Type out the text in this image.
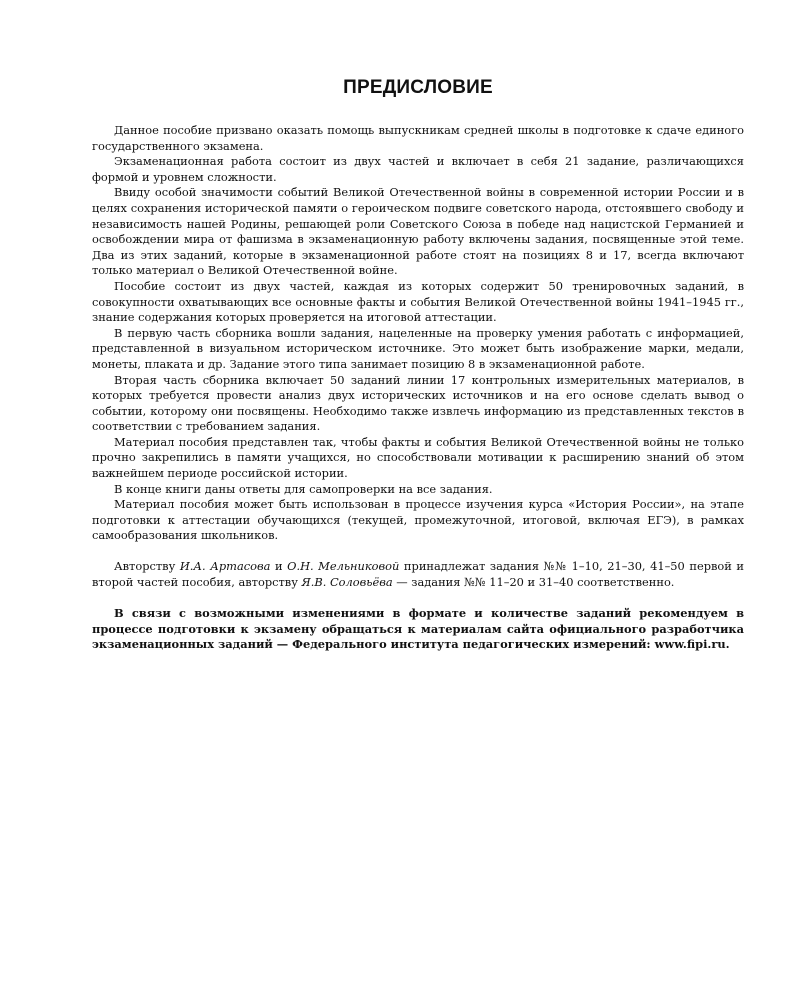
ПРЕДИСЛОВИЕ

Данное пособие призвано оказать помощь выпускникам средней школы в подготовке к сдаче единого государственного экзамена.

Экзаменационная работа состоит из двух частей и включает в себя 21 задание, различающихся формой и уровнем сложности.

Ввиду особой значимости событий Великой Отечественной войны в современной истории России и в целях сохранения исторической памяти о героическом подвиге советского народа, отстоявшего свободу и независимость нашей Родины, решающей роли Советского Союза в победе над нацистской Германией и освобождении мира от фашизма в экзаменационную работу включены задания, посвященные этой теме. Два из этих заданий, которые в экзаменационной работе стоят на позициях 8 и 17, всегда включают только материал о Великой Отечественной войне.

Пособие состоит из двух частей, каждая из которых содержит 50 тренировочных заданий, в совокупности охватывающих все основные факты и события Великой Отечественной войны 1941–1945 гг., знание содержания которых проверяется на итоговой аттестации.

В первую часть сборника вошли задания, нацеленные на проверку умения работать с информацией, представленной в визуальном историческом источнике. Это может быть изображение марки, медали, монеты, плаката и др. Задание этого типа занимает позицию 8 в экзаменационной работе.

Вторая часть сборника включает 50 заданий линии 17 контрольных измерительных материалов, в которых требуется провести анализ двух исторических источников и на его основе сделать вывод о событии, которому они посвящены. Необходимо также извлечь информацию из представленных текстов в соответствии с требованием задания.

Материал пособия представлен так, чтобы факты и события Великой Отечественной войны не только прочно закрепились в памяти учащихся, но способствовали мотивации к расширению знаний об этом важнейшем периоде российской истории.

В конце книги даны ответы для самопроверки на все задания.

Материал пособия может быть использован в процессе изучения курса «История России», на этапе подготовки к аттестации обучающихся (текущей, промежуточной, итоговой, включая ЕГЭ), в рамках самообразования школьников.

Авторству И.А. Артасова и О.Н. Мельниковой принадлежат задания №№ 1–10, 21–30, 41–50 первой и второй частей пособия, авторству Я.В. Соловьёва — задания №№ 11–20 и 31–40 соответственно.

В связи с возможными изменениями в формате и количестве заданий рекомендуем в процессе подготовки к экзамену обращаться к материалам сайта официального разработчика экзаменационных заданий — Федерального института педагогических измерений: www.fipi.ru.
